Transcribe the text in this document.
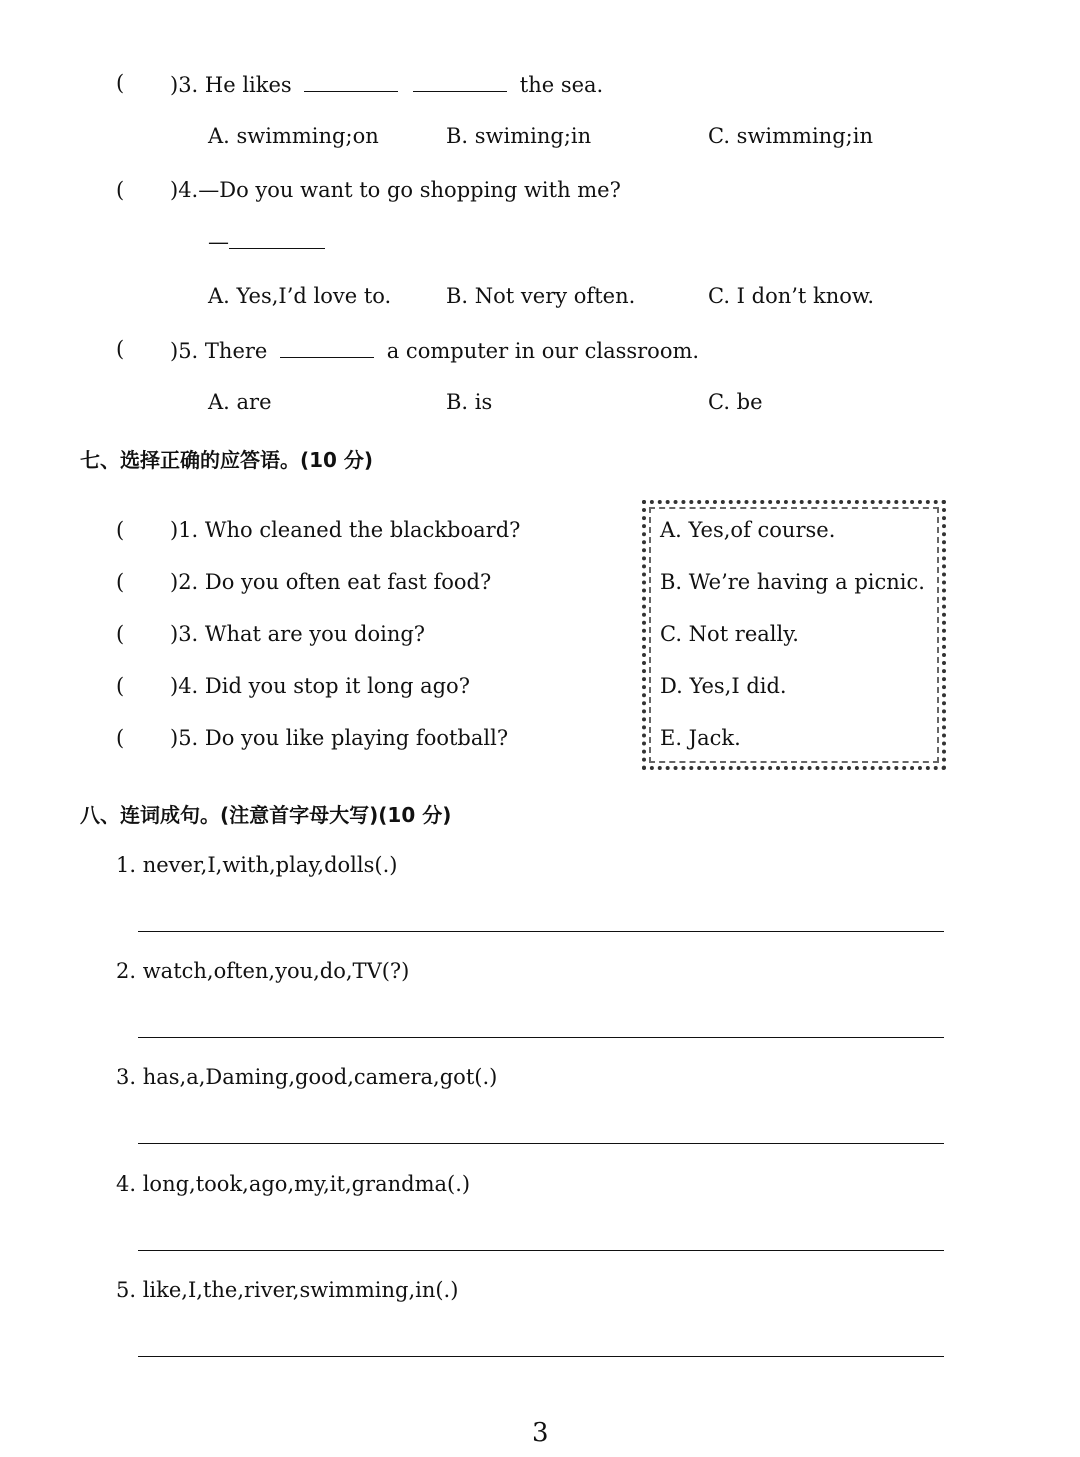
( )3. He likes	the sea.
A. swimming;on	B. swiming;in	C. swimming;in
( )4.—Do you want to go shopping with me?
—
A. Yes,I’d love to.	B. Not very often.	C. I don’t know.
( )5. There	a computer in our classroom.
A. are	B. is	C. be
七、选择正确的应答语。(10 分)
( )1. Who cleaned the blackboard?
( )2. Do you often eat fast food?
( )3. What are you doing?
( )4. Did you stop it long ago?
( )5. Do you like playing football?
A. Yes,of course.
B. We’re having a picnic.
C. Not really.
D. Yes,I did.
E. Jack.
八、连词成句。(注意首字母大写)(10 分)
1. never,I,with,play,dolls(.)
2. watch,often,you,do,TV(?)
3. has,a,Daming,good,camera,got(.)
4. long,took,ago,my,it,grandma(.)
5. like,I,the,river,swimming,in(.)
3
